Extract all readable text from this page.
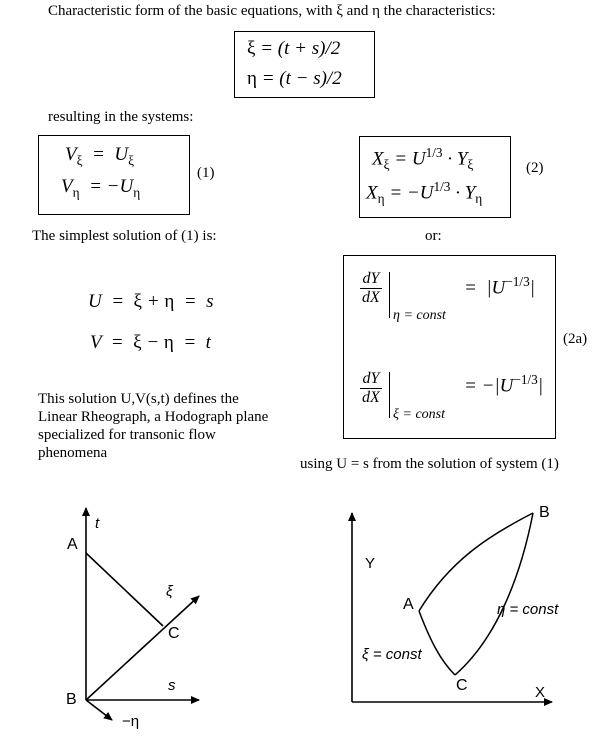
Characteristic form of the basic equations, with ξ and η the characteristics:
ξ = (t + s)/2
η = (t − s)/2
resulting in the systems:
$V_\xi = U_\xi$
$V_\eta = -U_\eta$
(1)
$X_\xi = U^{1/3} \cdot Y_\xi$
$X_\eta = -U^{1/3} \cdot Y_\eta$
(2)
The simplest solution of (1) is:	or:
U  =  ξ + η  =  s
V  =  ξ − η  =  t
$\frac{dY}{dX}$
η = const
=  $|U^{-1/3}|$
$\frac{dY}{dX}$
ξ = const
= $-|U^{-1/3}|$
(2a)
This solution U,V(s,t) defines the
Linear Rheograph, a Hodograph plane
specialized for transonic flow
phenomena
using U = s from the solution of system (1)
t
s
ξ
−η
A
B
C
Y
X
A
B
C
η = const
ξ = const
